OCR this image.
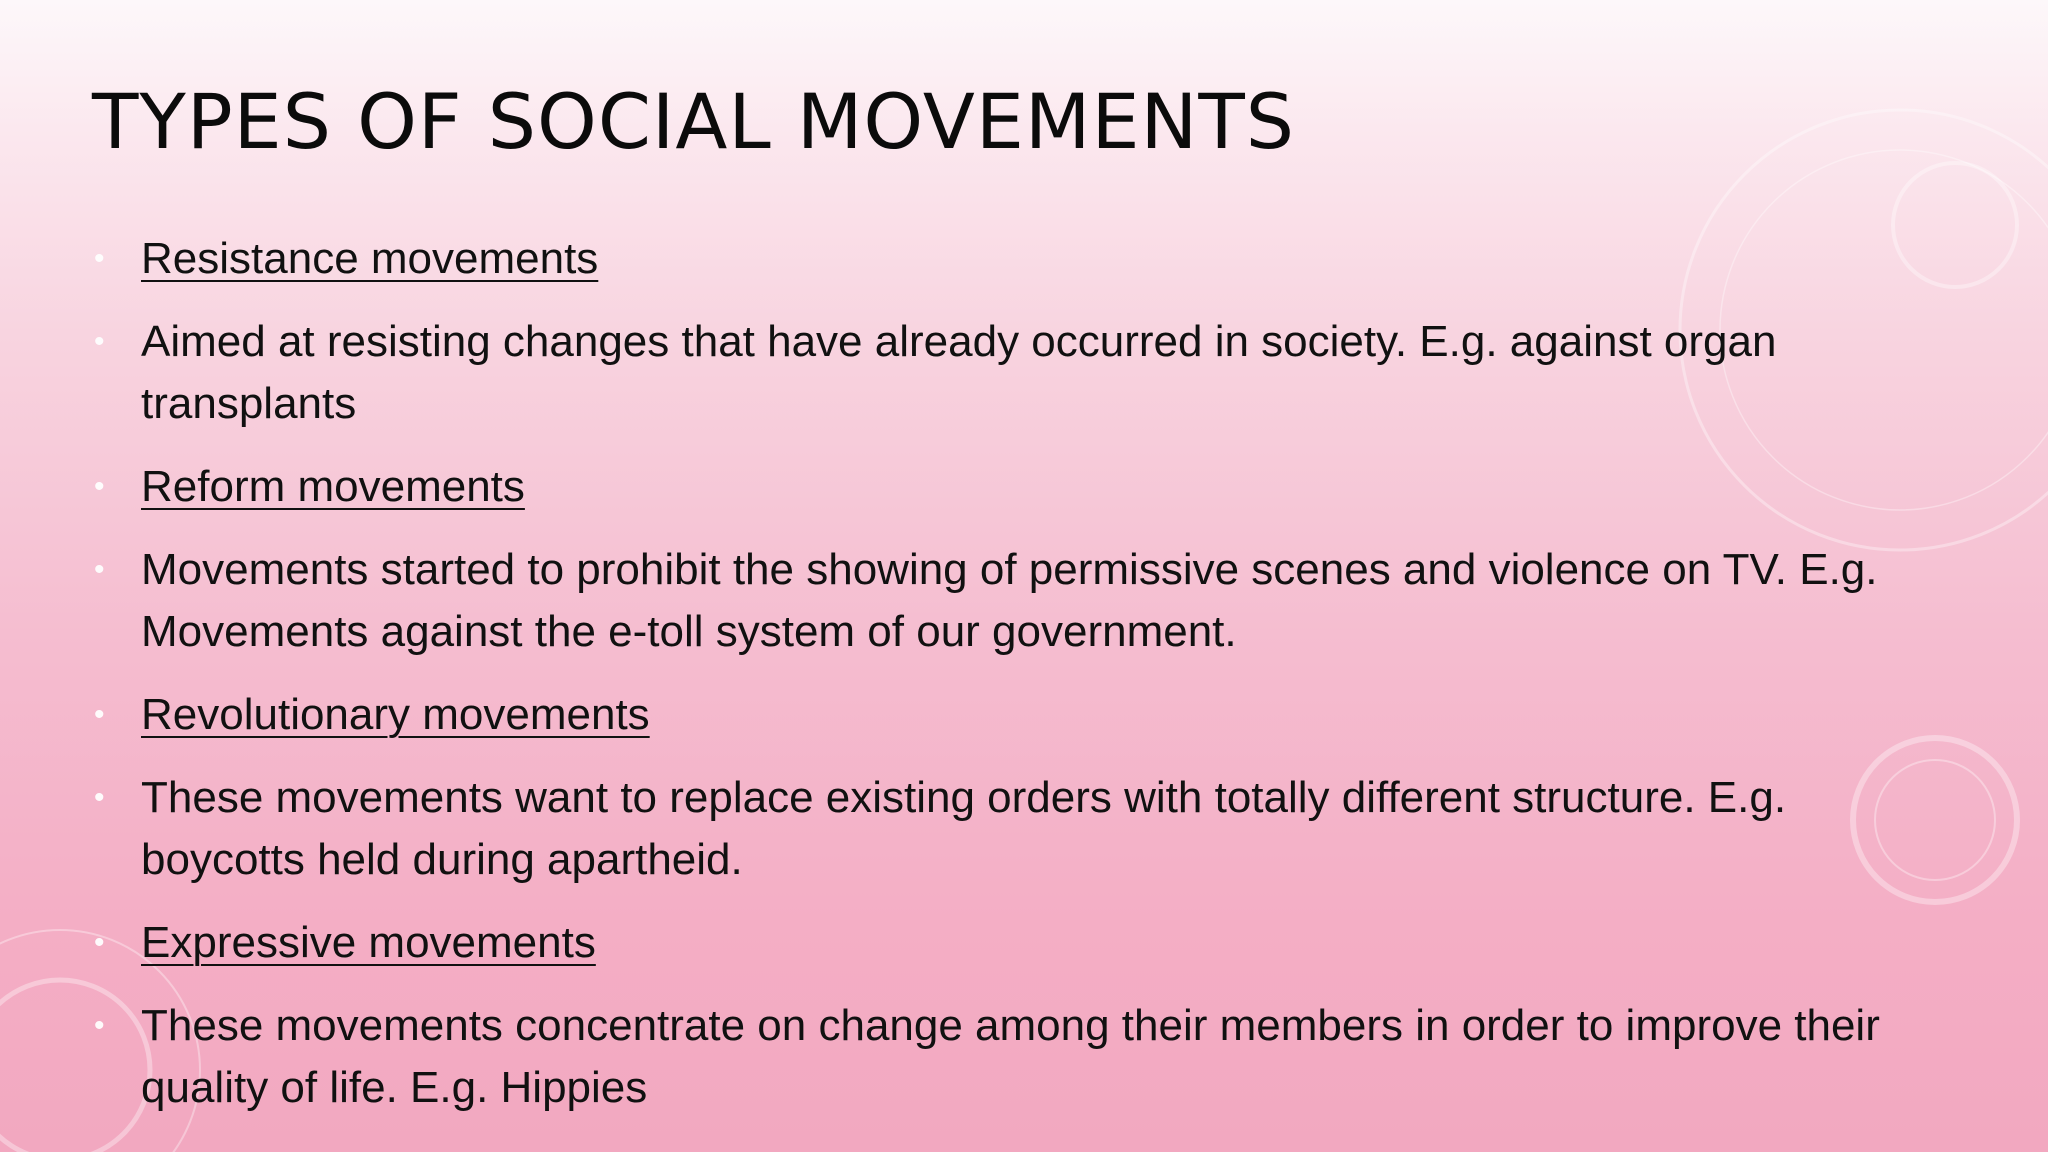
TYPES OF SOCIAL MOVEMENTS
• Resistance movements
• Aimed at resisting changes that have already occurred in society. E.g. against organ transplants
• Reform movements
• Movements started to prohibit the showing of permissive scenes and violence on TV. E.g. Movements against the e-toll system of our government.
• Revolutionary movements
• These movements want to replace existing orders with totally different structure. E.g. boycotts held during apartheid.
• Expressive movements
• These movements concentrate on change among their members in order to improve their quality of life. E.g. Hippies
